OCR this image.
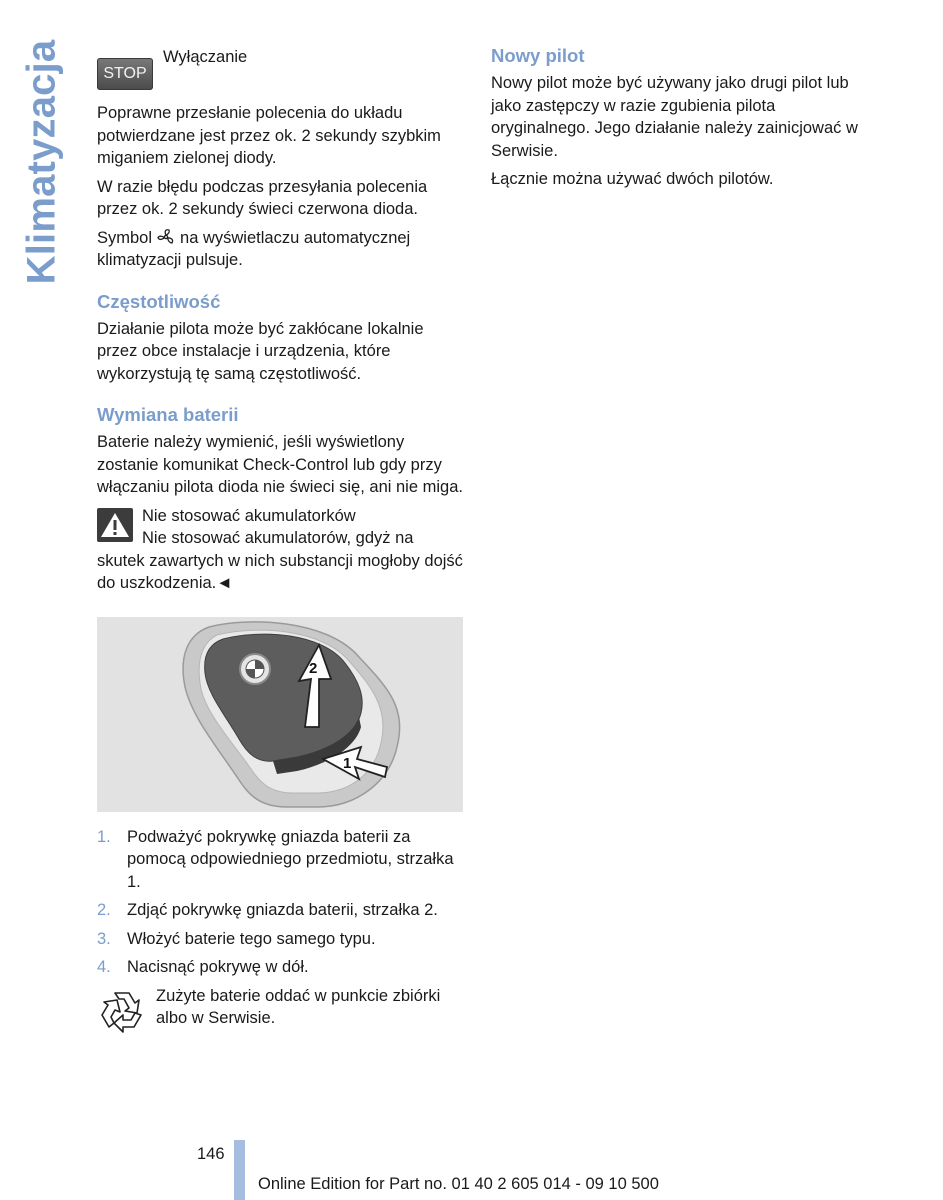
Klimatyzacja	STOP
Wyłączanie

Poprawne przesłanie polecenia do układu potwierdzane jest przez ok. 2 sekundy szybkim miganiem zielonej diody.

W razie błędu podczas przesyłania polecenia przez ok. 2 sekundy świeci czerwona dioda.

Symbol na wyświetlaczu automatycznej klimatyzacji pulsuje.

Częstotliwość

Działanie pilota może być zakłócane lokalnie przez obce instalacje i urządzenia, które wykorzystują tę samą częstotliwość.

Wymiana baterii

Baterie należy wymienić, jeśli wyświetlony zostanie komunikat Check-Control lub gdy przy włączaniu pilota dioda nie świeci się, ani nie miga.

Nie stosować akumulatorków

Nie stosować akumulatorów, gdyż na skutek zawartych w nich substancji mogłoby dojść do uszkodzenia.◄

2
1
1. Podważyć pokrywkę gniazda baterii za pomocą odpowiedniego przedmiotu, strzałka 1.
2. Zdjąć pokrywkę gniazda baterii, strzałka 2.
3. Włożyć baterie tego samego typu.
4. Nacisnąć pokrywę w dół.

Zużyte baterie oddać w punkcie zbiórki albo w Serwisie.

Nowy pilot

Nowy pilot może być używany jako drugi pilot lub jako zastępczy w razie zgubienia pilota oryginalnego. Jego działanie należy zainicjować w Serwisie.

Łącznie można używać dwóch pilotów.

146
Online Edition for Part no. 01 40 2 605 014 - 09 10 500
